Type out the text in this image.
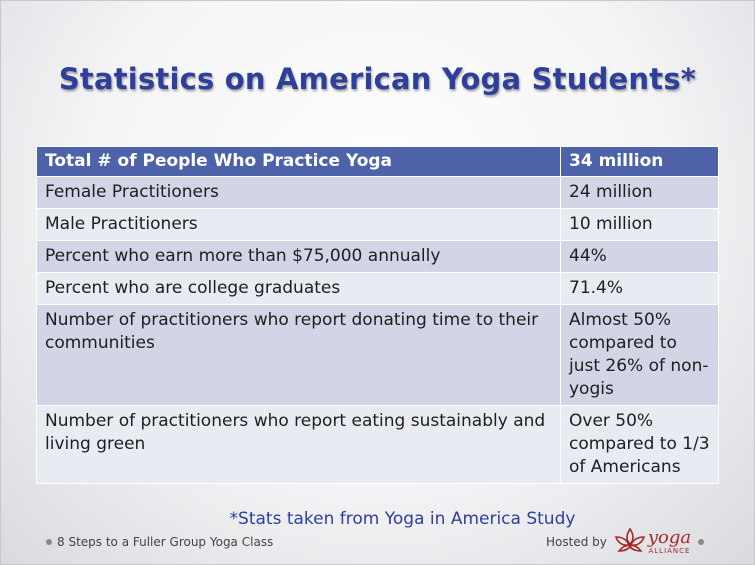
Statistics on American Yoga Students*
Total # of People Who Practice Yoga	34 million
Female Practitioners	24 million
Male Practitioners	10 million
Percent who earn more than $75,000 annually	44%
Percent who are college graduates	71.4%
Number of practitioners who report donating time to their communities	Almost 50% compared to just 26% of non-yogis
Number of practitioners who report eating sustainably and living green	Over 50% compared to 1/3 of Americans
*Stats taken from Yoga in America Study
8 Steps to a Fuller Group Yoga Class	Hosted by yoga
ALLIANCE
